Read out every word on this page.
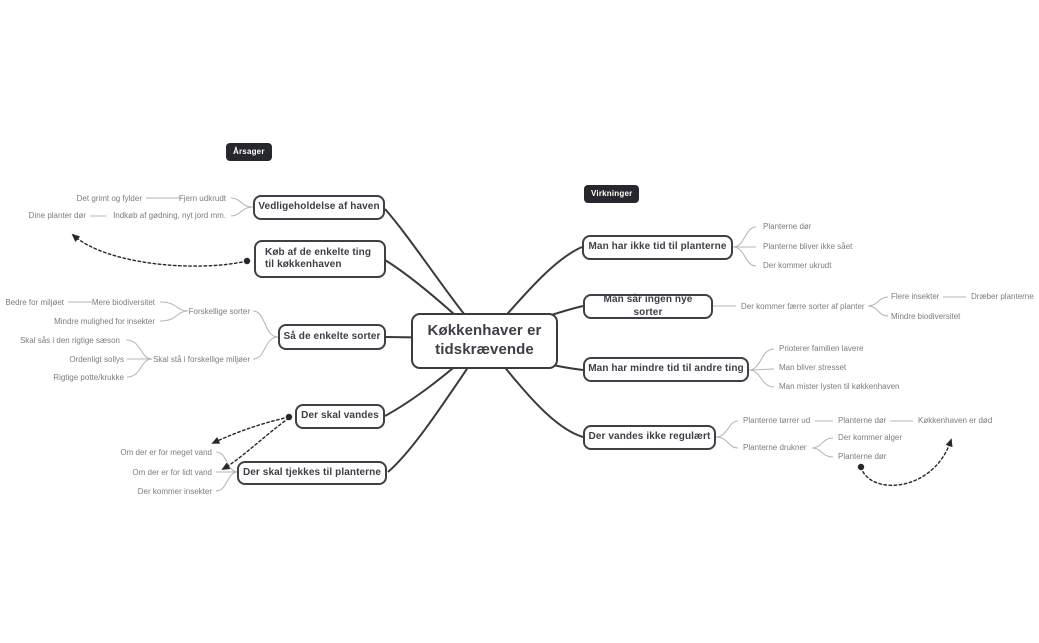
Årsager
Virkninger
Køkkenhaver er tidskrævende
Vedligeholdelse af haven
Køb af de enkelte ting til køkkenhaven
Så de enkelte sorter
Der skal vandes
Der skal tjekkes til planterne
Man har ikke tid til planterne
Man sår ingen nye sorter
Man har mindre tid til andre ting
Der vandes ikke regulært
Det grimt og fylder	Fjern udkrudt
Dine planter dør	Indkøb af gødning, nyt jord mm.
Bedre for miljøet	Mere biodiversitet
Mindre mulighed for insekter
Forskellige sorter
Skal sås i den rigtige sæson
Ordenligt sollys
Rigtige potte/krukke
Skal stå i forskellige miljøer
Om der er for meget vand
Om der er for lidt vand
Der kommer insekter
Planterne dør
Planterne bliver ikke sået
Der kommer ukrudt
Der kommer færre sorter af planter
Flere insekter	Dræber planterne
Mindre biodiversitet
Prioterer familien lavere
Man bliver stresset
Man mister lysten til køkkenhaven
Planterne tørrer ud	Planterne dør	Køkkenhaven er død
Planterne drukner
Der kommer alger
Planterne dør
